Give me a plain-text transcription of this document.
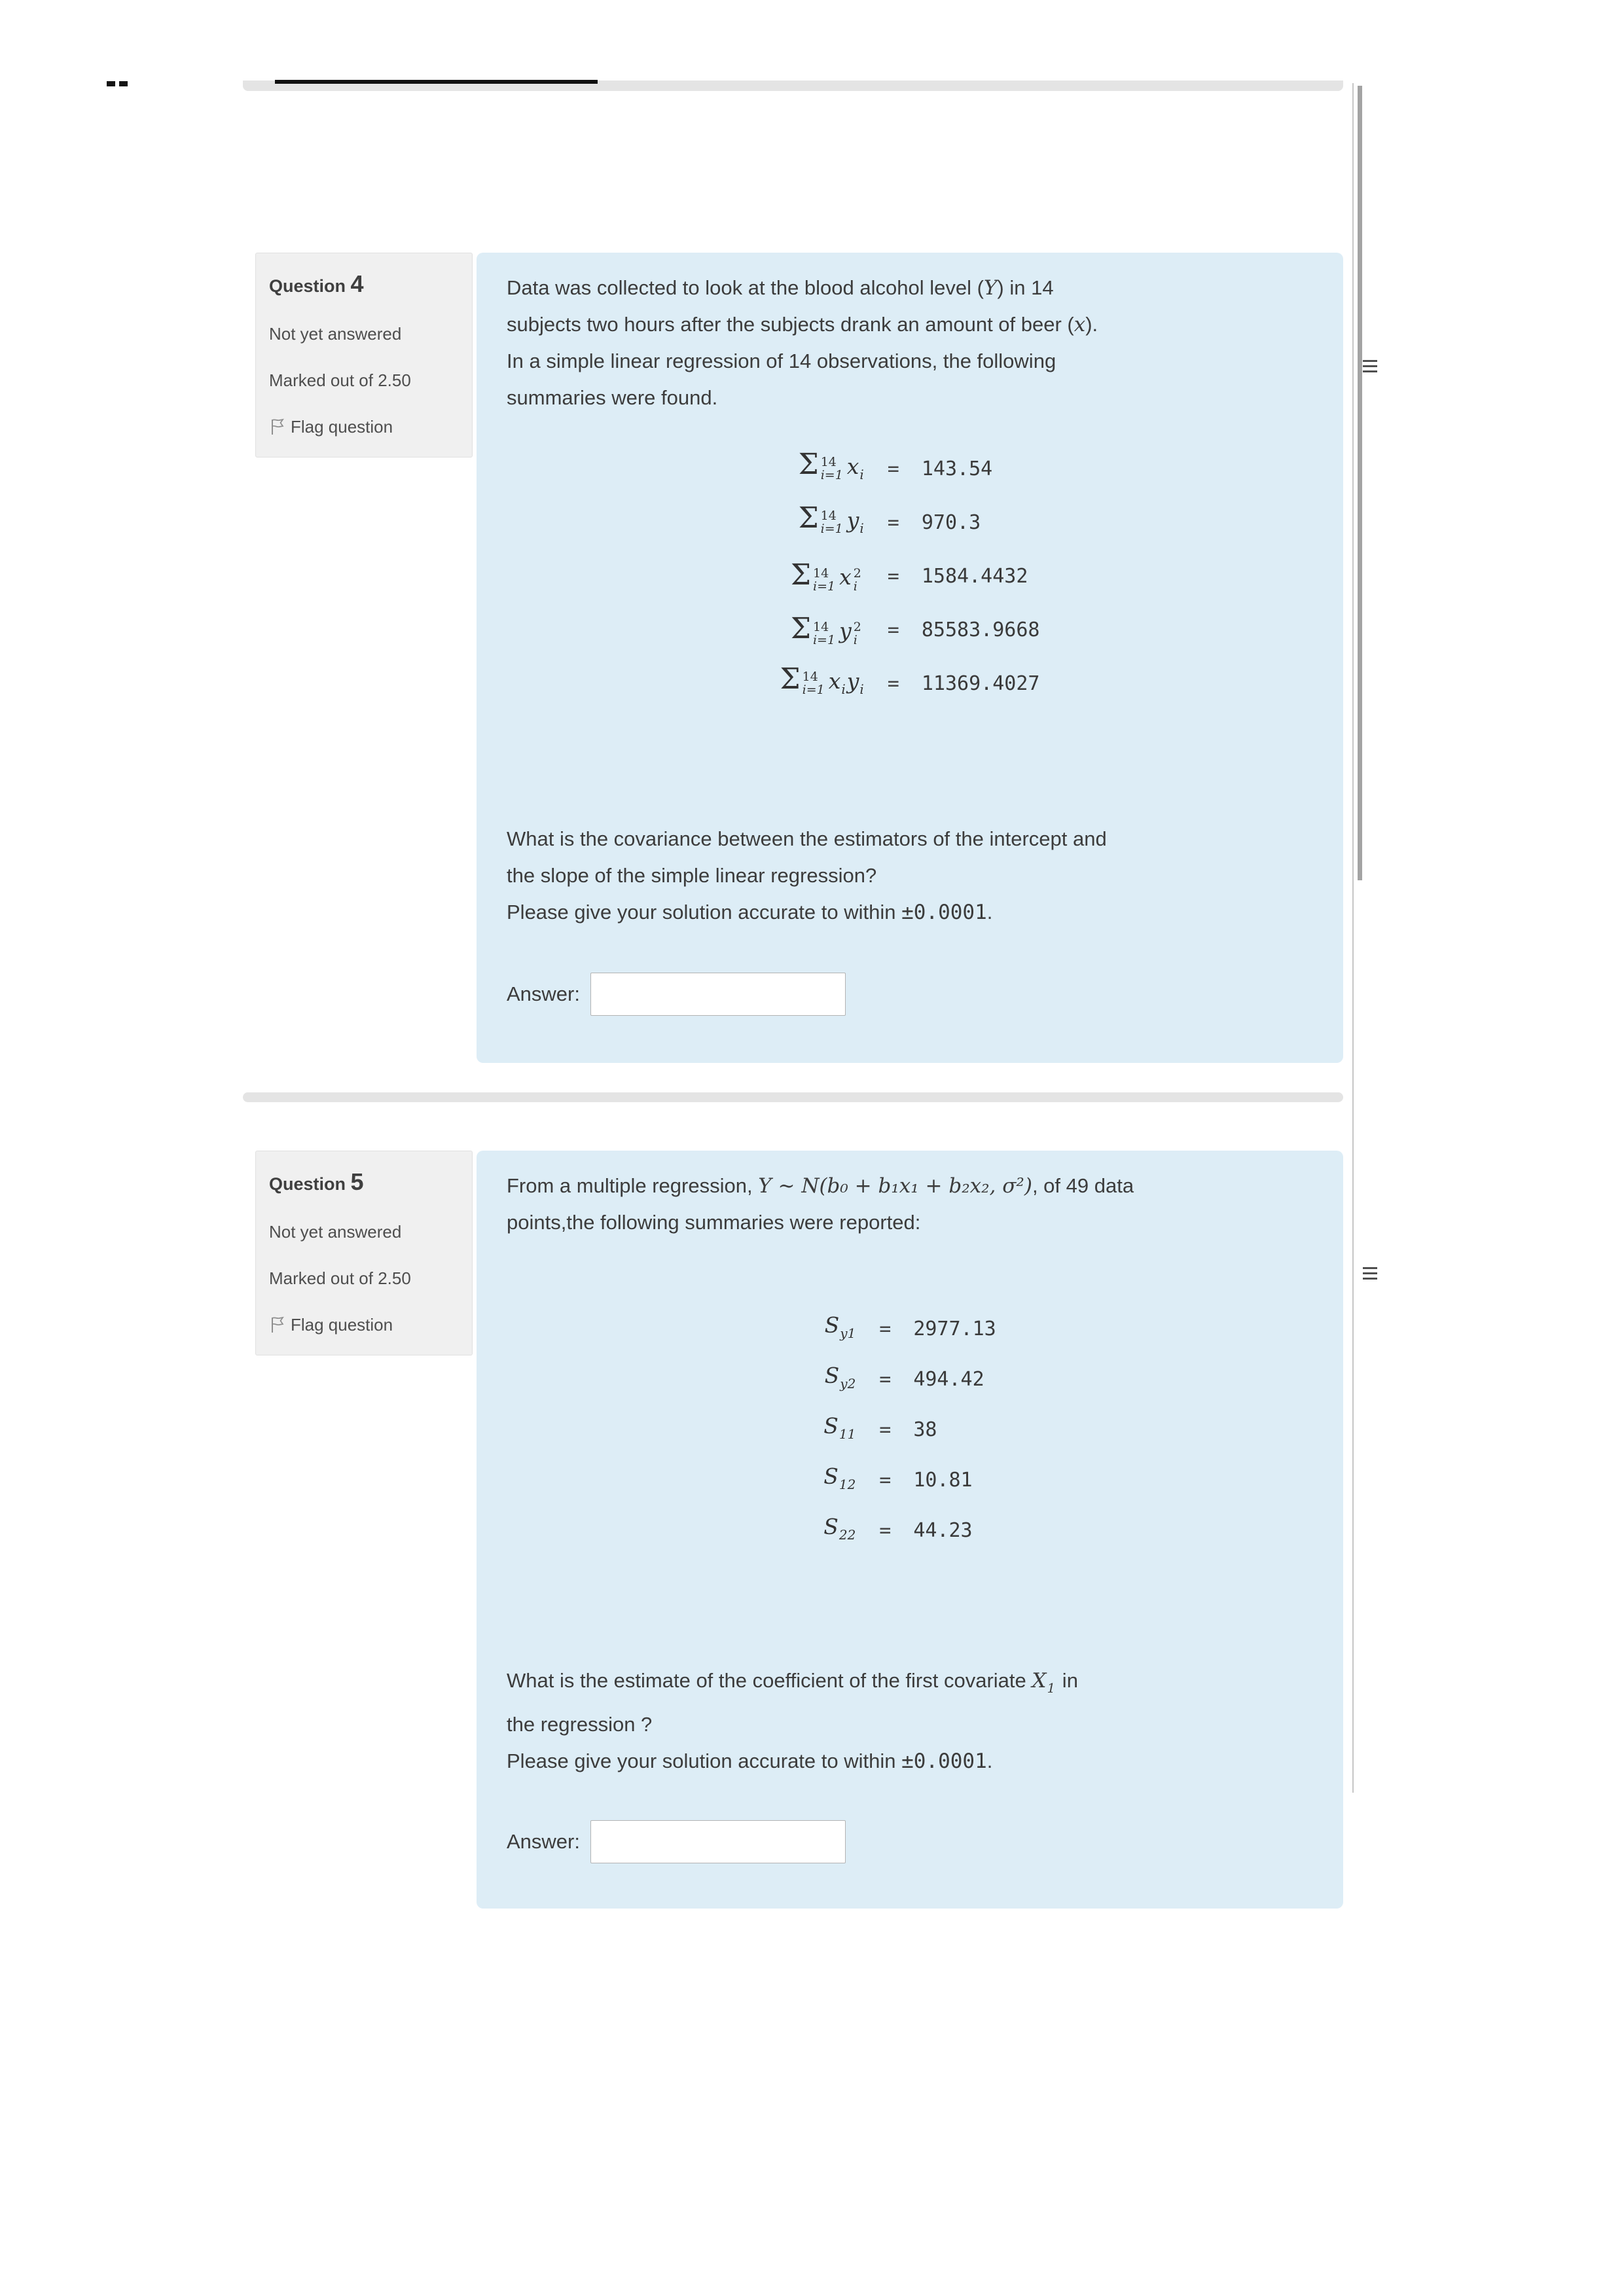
Question 4
Not yet answered
Marked out of 2.50
Flag question

Data was collected to look at the blood alcohol level (Y) in 14
subjects two hours after the subjects drank an amount of beer (x).
In a simple linear regression of 14 observations, the following
summaries were found.

Σ 14
i=1 $x_i = 143.54$
Σ 14
i=1 $y_i = 970.3$
Σ 14
i=1 x 2
i = 1584.4432
Σ 14
i=1 y 2
i = 85583.9668
Σ 14
i=1 $x_iy_i = 11369.4027$

What is the covariance between the estimators of the intercept and
the slope of the simple linear regression?
Please give your solution accurate to within ±0.0001.

Answer:
Question 5
Not yet answered
Marked out of 2.50
Flag question

From a multiple regression, Y ∼ N(b₀ + b₁x₁ + b₂x₂, σ²), of 49 data
points,the following summaries were reported:

$S_{y1} = 2977.13$
$S_{y2} = 494.42$
$S_{11} = 38$
$S_{12} = 10.81$
$S_{22} = 44.23$

What is the estimate of the coefficient of the first covariate $X_1$ in
the regression ?
Please give your solution accurate to within ±0.0001.

Answer:
